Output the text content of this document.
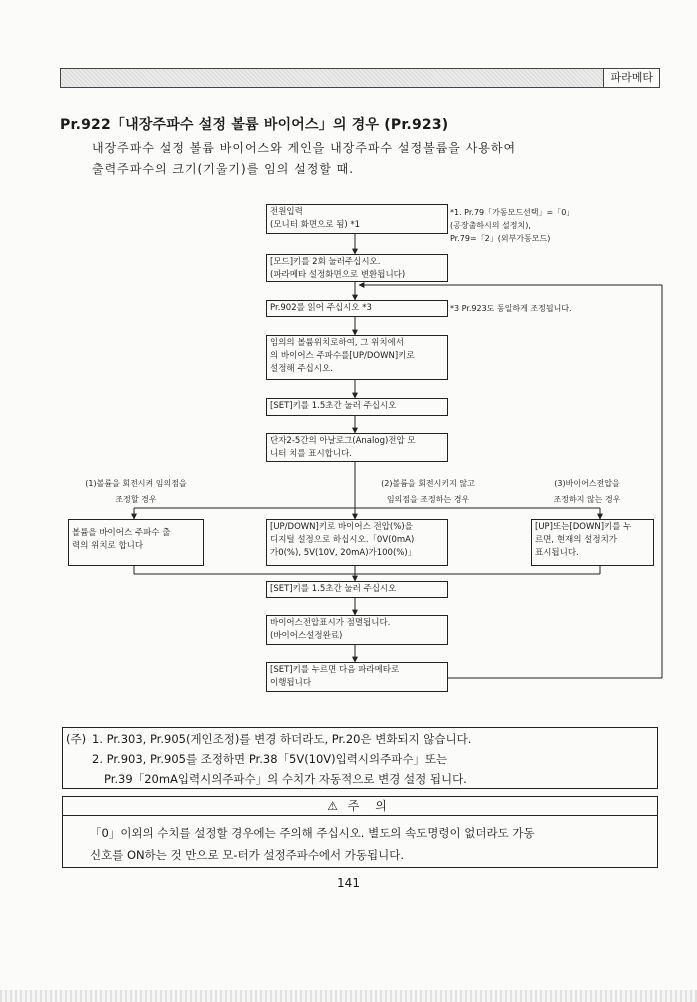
파라메타
Pr.922「내장주파수 설정 볼륨 바이어스」의 경우 (Pr.923)
내장주파수 설정 볼륨 바이어스와 게인을 내장주파수 설정볼륨을 사용하여
출력주파수의 크기(기울기)를 임의 설정할 때.
전원입력
(모니터 화면으로 됨) *1
[모드]키를 2회 눌러주십시오.
(파라메타 설정화면으로 변환됩니다)
Pr.902를 읽어 주십시오 *3
임의의 볼륨위치로하여, 그 위치에서
의 바이어스 주파수를[UP/DOWN]키로
설정해 주십시오.
[SET]키를 1.5초간 눌러 주십시오
단자2-5간의 아날로그(Analog)전압 모
니터 치를 표시합니다.
(1)볼륨을 회전시켜 임의점을
조정할 경우
(2)볼륨을 회전시키지 않고
임의점을 조정하는 경우
(3)바이어스전압을
조정하지 않는 경우
볼륨을 바이어스 주파수 출
력의 위치로 합니다
[UP/DOWN]키로 바이어스 전압(%)을
디지털 설정으로 하십시오.「0V(0mA)
가0(%), 5V(10V, 20mA)가100(%)」
[UP]또는[DOWN]키를 누
르면, 현재의 설정치가
표시됩니다.
[SET]키를 1.5초간 눌러 주십시오
바이어스전압표시가 점멸됩니다.
(바이어스설정완료)
[SET]키를 누르면 다음 파라메타로
이행됩니다
*1. Pr.79「가동모드선택」=「0」
(공장출하시의 설정치),
Pr.79=「2」(외부가동모드)
*3 Pr.923도 동일하게 조정됩니다.
(주) 1. Pr.303, Pr.905(게인조정)를 변경 하더라도, Pr.20은 변화되지 않습니다.
2. Pr.903, Pr.905를 조정하면 Pr.38「5V(10V)입력시의주파수」또는
Pr.39「20mA입력시의주파수」의 수치가 자동적으로 변경 설정 됩니다.
⚠ 주 의
「0」이외의 수치를 설정할 경우에는 주의해 주십시오. 별도의 속도명령이 없더라도 가동
신호를 ON하는 것 만으로 모-터가 설정주파수에서 가동됩니다.
141
